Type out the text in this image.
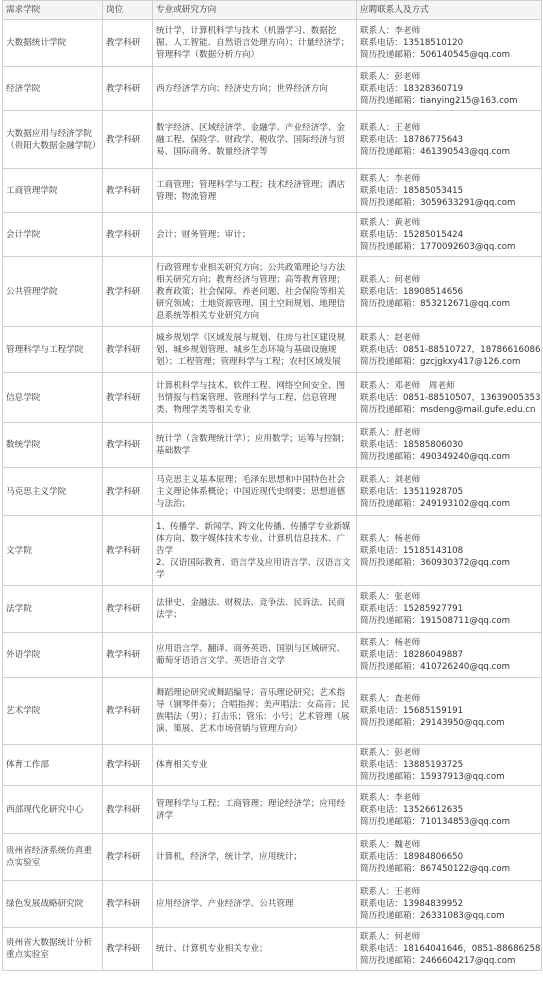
需求学院	岗位	专业或研究方向	应聘联系人及方式
大数据统计学院	教学科研	统计学，计算机科学与技术（机器学习、数据挖掘、人工智能、自然语言处理方向）；计量经济学；管理科学（数据分析方向）	联系人：李老师
联系电话：13518510120
简历投递邮箱：506140545@qq.com

经济学院	教学科研	西方经济学方向；经济史方向；世界经济方向	联系人：彭老师
联系电话：18328360719
简历投递邮箱：tianying215@163.com

大数据应用与经济学院（贵阳大数据金融学院）	教学科研	数字经济、区域经济学、金融学、产业经济学、金融工程、保险学、财政学、税收学、国际经济与贸易、国际商务、数量经济学等	联系人：王老师
联系电话：18786775643
简历投递邮箱：461390543@qq.com

工商管理学院	教学科研	工商管理；管理科学与工程；技术经济管理；酒店管理；物流管理	联系人：李老师
联系电话：18585053415
简历投递邮箱：3059633291@qq.com

会计学院	教学科研	会计；财务管理；审计；	联系人：黄老师
联系电话：15285015424
简历投递邮箱：1770092603@qq.com

公共管理学院	教学科研	行政管理专业相关研究方向；公共政策理论与方法相关研究方向；教育经济与管理；高等教育管理；教育政策；社会保障、养老问题、社会保险等相关研究领域；土地资源管理、国土空间规划、地理信息系统等相关专业研究方向	联系人：何老师
联系电话：18908514656
简历投递邮箱：853212671@qq.com

管理科学与工程学院	教学科研	城乡规划学（区域发展与规划、住房与社区建设规划、城乡规划管理、城乡生态环境与基础设施规划）；工程管理；管理科学与工程；农村区域发展	联系人：赵老师
联系电话：0851-88510727，18786616086
简历投递邮箱：gzcjgkxy417@126.com

信息学院	教学科研	计算机科学与技术、软件工程、网络空间安全、图书情报与档案管理、管理科学与工程、信息管理类、物理学类等相关专业	联系人：邓老师　周老师
联系电话：0851-88510507，13639005353
简历投递邮箱：msdeng@mail.gufe.edu.cn

数统学院	教学科研	统计学（含数理统计学）；应用数学；运筹与控制；基础数学	联系人：舒老师
联系电话：18585806030
简历投递邮箱：490349240@qq.com

马克思主义学院	教学科研	马克思主义基本原理；毛泽东思想和中国特色社会主义理论体系概论；中国近现代史纲要；思想道德与法治；	联系人：刘老师
联系电话：13511928705
简历投递邮箱：249193102@qq.com

文学院	教学科研	1、传播学、新闻学、跨文化传播、传播学专业新媒体方向、数字媒体技术专业、计算机信息技术、广告学
2、汉语国际教育、语言学及应用语言学、汉语言文学	联系人：杨老师
联系电话：15185143108
简历投递邮箱：360930372@qq.com

法学院	教学科研	法律史、金融法、财税法、竞争法、民诉法、民商法学；	联系人：张老师
联系电话：15285927791
简历投递邮箱：191508711@qq.com

外语学院	教学科研	应用语言学、翻译、商务英语、国别与区域研究、葡萄牙语语言文学、英语语言文学	联系人：杨老师
联系电话：18286049887
简历投递邮箱：410726240@qq.com

艺术学院	教学科研	舞蹈理论研究或舞蹈编导；音乐理论研究；艺术指导（钢琴伴奏）；合唱指挥；美声唱法：女高音；民族唱法（男）；打击乐；管乐：小号；艺术管理（展演、策展、艺术市场营销与管理方向）	联系人：查老师
联系电话：15685159191
简历投递邮箱：29143950@qq.com

体育工作部	教学科研	体育相关专业	联系人：彭老师
联系电话：13885193725
简历投递邮箱：15937913@qq.com

西部现代化研究中心	教学科研	管理科学与工程；工商管理；理论经济学；应用经济学	联系人：李老师
联系电话：13526612635
简历投递邮箱：710134853@qq.com

贵州省经济系统仿真重点实验室	教学科研	计算机，经济学，统计学，应用统计；	联系人：魏老师
联系电话：18984806650
简历投递邮箱：867450122@qq.com

绿色发展战略研究院	教学科研	应用经济学、产业经济学、公共管理	联系人：王老师
联系电话：13984839952
简历投递邮箱：26331083@qq.com

贵州省大数据统计分析重点实验室	教学科研	统计、计算机专业相关专业；	联系人：何老师
联系电话：18164041646，0851-88686258
简历投递邮箱：2466604217@qq.com
